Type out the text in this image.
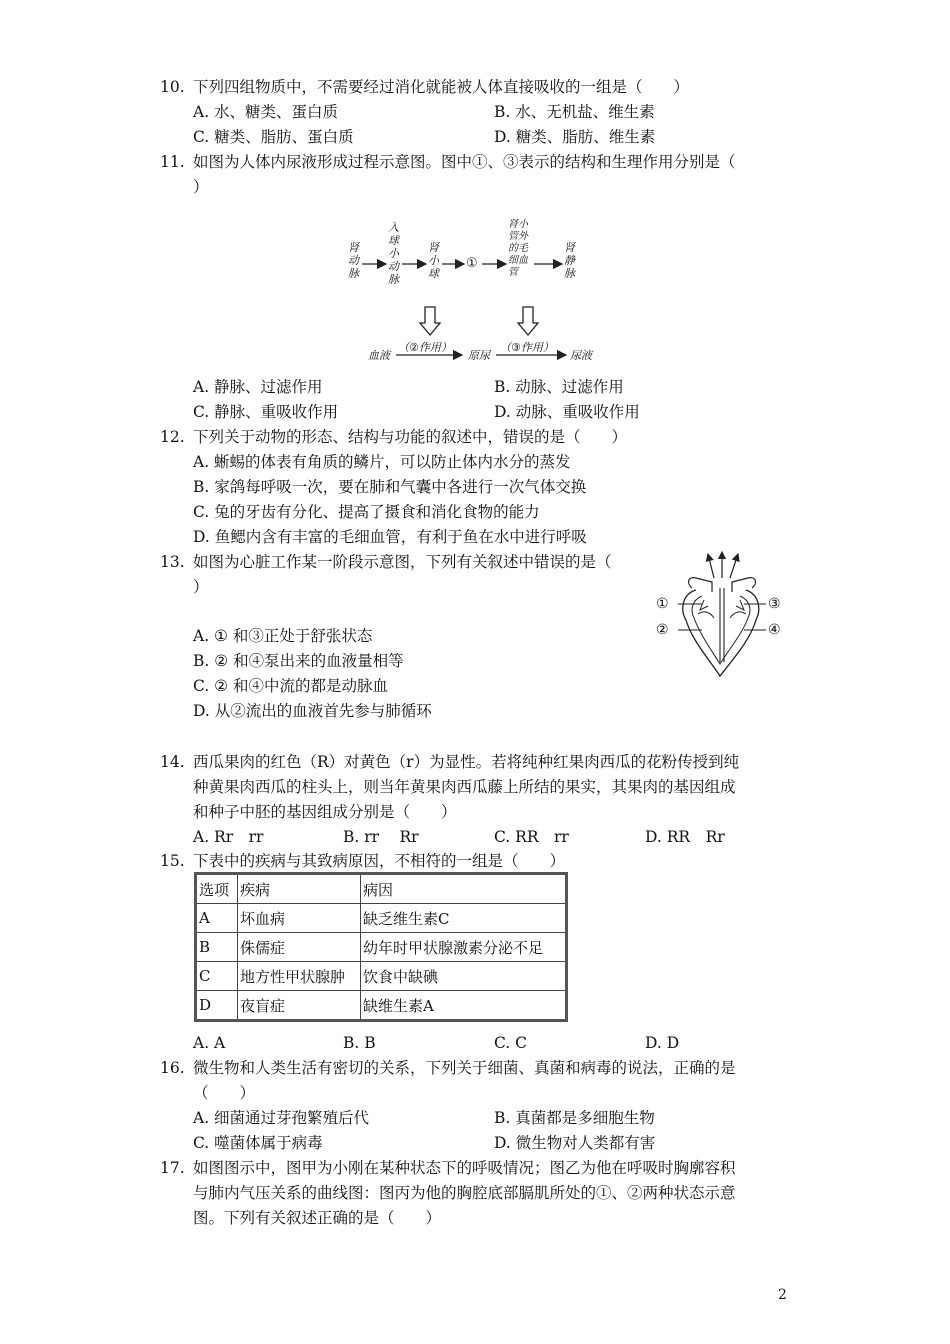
10. 下列四组物质中，不需要经过消化就能被人体直接吸收的一组是（　　）
A. 水、糖类、蛋白质	B. 水、无机盐、维生素
C. 糖类、脂肪、蛋白质	D. 糖类、脂肪、维生素
11. 如图为人体内尿液形成过程示意图。图中①、③表示的结构和生理作用分别是（
）
肾动脉
入球小动脉
肾小球
①
肾小管外的毛细血管
肾静脉
血液
（②作用）
原尿
（③作用）
尿液
A. 静脉、过滤作用	B. 动脉、过滤作用
C. 静脉、重吸收作用	D. 动脉、重吸收作用
12. 下列关于动物的形态、结构与功能的叙述中，错误的是（　　）
A. 蜥蜴的体表有角质的鳞片，可以防止体内水分的蒸发
B. 家鸽每呼吸一次，要在肺和气囊中各进行一次气体交换
C. 兔的牙齿有分化、提高了摄食和消化食物的能力
D. 鱼鳃内含有丰富的毛细血管，有利于鱼在水中进行呼吸
13. 如图为心脏工作某一阶段示意图，下列有关叙述中错误的是（
）
①
②
③
④
A. ① 和③正处于舒张状态
B. ② 和④泵出来的血液量相等
C. ② 和④中流的都是动脉血
D. 从②流出的血液首先参与肺循环
14. 西瓜果肉的红色（R）对黄色（r）为显性。若将纯种红果肉西瓜的花粉传授到纯
种黄果肉西瓜的柱头上，则当年黄果肉西瓜藤上所结的果实，其果肉的基因组成
和种子中胚的基因组成分别是（　　）
A. Rr　rr	B. rr　 Rr	C. RR　rr	D. RR　Rr
15. 下表中的疾病与其致病原因，不相符的一组是（　　）
选项	疾病	病因
A	坏血病	缺乏维生素C
B	侏儒症	幼年时甲状腺激素分泌不足
C	地方性甲状腺肿	饮食中缺碘
D	夜盲症	缺维生素A
A. A	B. B	C. C	D. D
16. 微生物和人类生活有密切的关系，下列关于细菌、真菌和病毒的说法，正确的是
（　　）
A. 细菌通过芽孢繁殖后代	B. 真菌都是多细胞生物
C. 噬菌体属于病毒	D. 微生物对人类都有害
17. 如图图示中，图甲为小刚在某种状态下的呼吸情况；图乙为他在呼吸时胸廓容积
与肺内气压关系的曲线图：图丙为他的胸腔底部膈肌所处的①、②两种状态示意
图。下列有关叙述正确的是（　　）
2
